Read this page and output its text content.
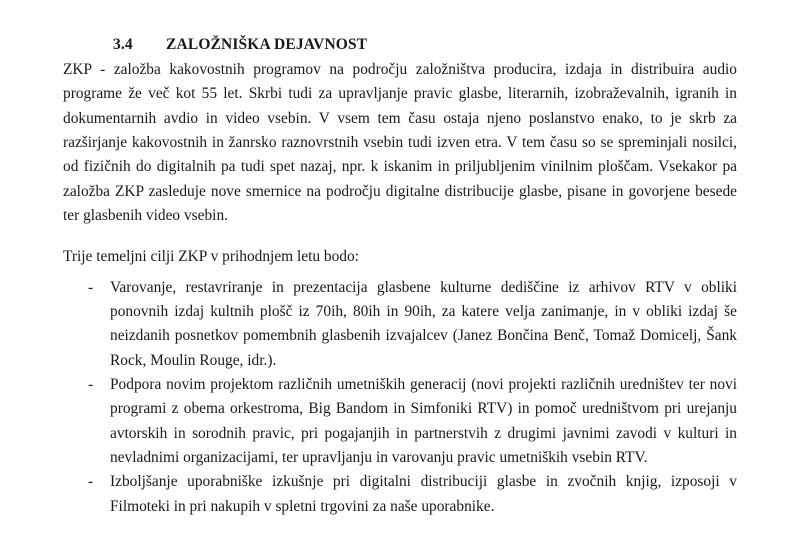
3.4 ZALOŽNIŠKA DEJAVNOST

ZKP - založba kakovostnih programov na področju založništva producira, izdaja in distribuira audio programe že več kot 55 let. Skrbi tudi za upravljanje pravic glasbe, literarnih, izobraževalnih, igranih in dokumentarnih avdio in video vsebin. V vsem tem času ostaja njeno poslanstvo enako, to je skrb za razširjanje kakovostnih in žanrsko raznovrstnih vsebin tudi izven etra. V tem času so se spreminjali nosilci, od fizičnih do digitalnih pa tudi spet nazaj, npr. k iskanim in priljubljenim vinilnim ploščam. Vsekakor pa založba ZKP zasleduje nove smernice na področju digitalne distribucije glasbe, pisane in govorjene besede ter glasbenih video vsebin.

Trije temeljni cilji ZKP v prihodnjem letu bodo:

- Varovanje, restavriranje in prezentacija glasbene kulturne dediščine iz arhivov RTV v obliki ponovnih izdaj kultnih plošč iz 70ih, 80ih in 90ih, za katere velja zanimanje, in v obliki izdaj še neizdanih posnetkov pomembnih glasbenih izvajalcev (Janez Bončina Benč, Tomaž Domicelj, Šank Rock, Moulin Rouge, idr.).
- Podpora novim projektom različnih umetniških generacij (novi projekti različnih uredništev ter novi programi z obema orkestroma, Big Bandom in Simfoniki RTV) in pomoč uredništvom pri urejanju avtorskih in sorodnih pravic, pri pogajanjih in partnerstvih z drugimi javnimi zavodi v kulturi in nevladnimi organizacijami, ter upravljanju in varovanju pravic umetniških vsebin RTV.
- Izboljšanje uporabniške izkušnje pri digitalni distribuciji glasbe in zvočnih knjig, izposoji v Filmoteki in pri nakupih v spletni trgovini za naše uporabnike.
